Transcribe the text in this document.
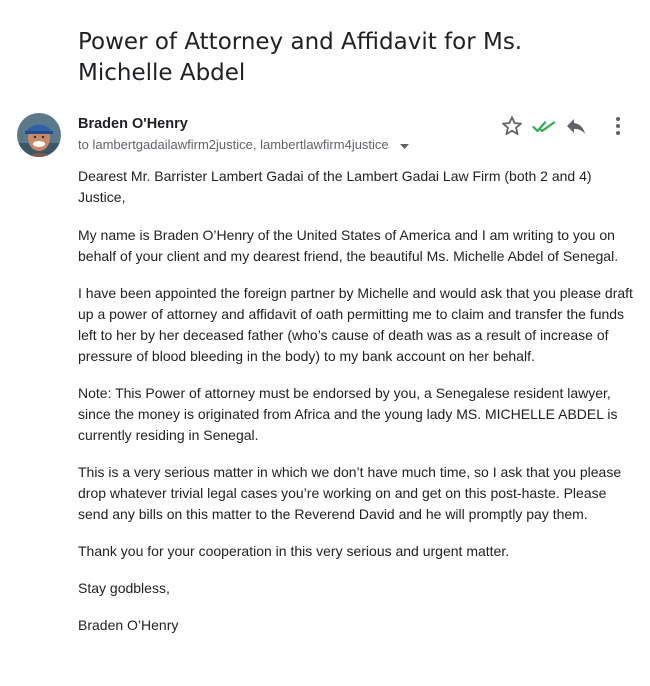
Power of Attorney and Affidavit for Ms. Michelle Abdel
Braden O'Henry
to lambertgadailawfirm2justice, lambertlawfirm4justice

Dearest Mr. Barrister Lambert Gadai of the Lambert Gadai Law Firm (both 2 and 4) Justice,

My name is Braden O’Henry of the United States of America and I am writing to you on behalf of your client and my dearest friend, the beautiful Ms. Michelle Abdel of Senegal.

I have been appointed the foreign partner by Michelle and would ask that you please draft up a power of attorney and affidavit of oath permitting me to claim and transfer the funds left to her by her deceased father (who’s cause of death was as a result of increase of pressure of blood bleeding in the body) to my bank account on her behalf.

Note: This Power of attorney must be endorsed by you, a Senegalese resident lawyer, since the money is originated from Africa and the young lady MS. MICHELLE ABDEL is currently residing in Senegal.

This is a very serious matter in which we don’t have much time, so I ask that you please drop whatever trivial legal cases you’re working on and get on this post-haste. Please send any bills on this matter to the Reverend David and he will promptly pay them.

Thank you for your cooperation in this very serious and urgent matter.

Stay godbless,

Braden O’Henry
